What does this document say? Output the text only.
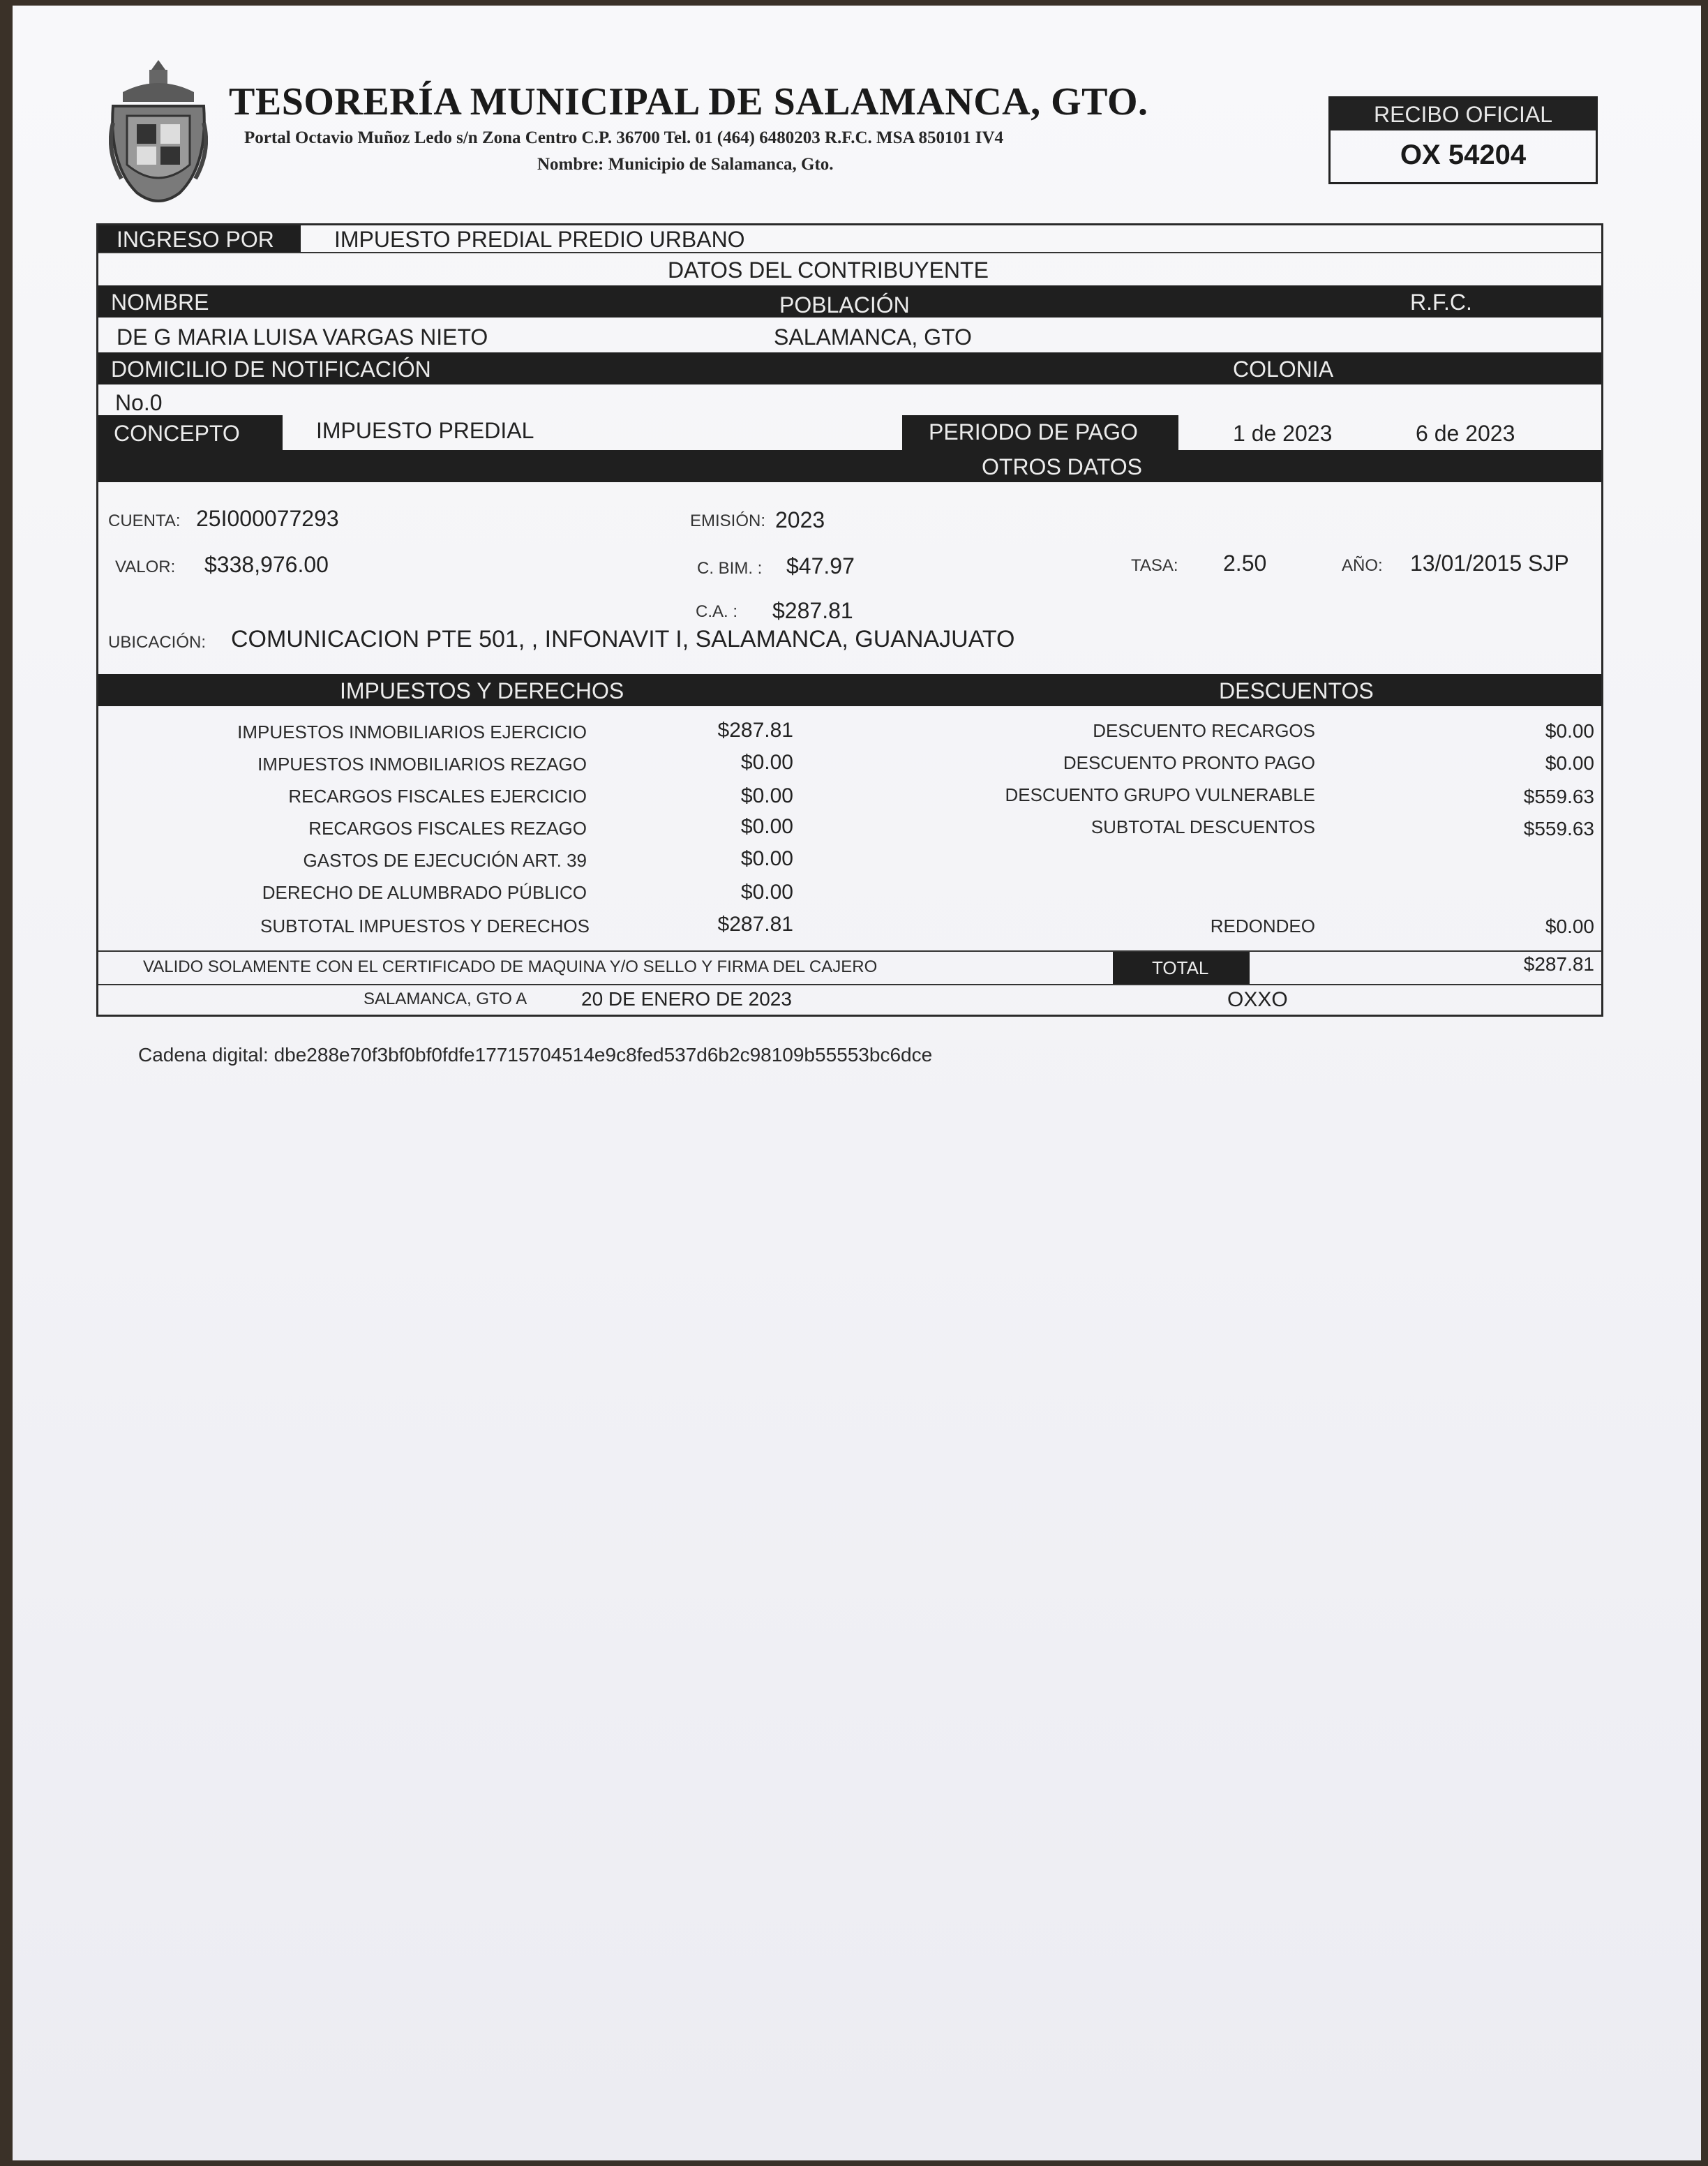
TESORERÍA MUNICIPAL DE SALAMANCA, GTO.
Portal Octavio Muñoz Ledo s/n Zona Centro C.P. 36700 Tel. 01 (464) 6480203 R.F.C. MSA 850101 IV4
Nombre: Municipio de Salamanca, Gto.
RECIBO OFICIAL
OX 54204
INGRESO POR	IMPUESTO PREDIAL PREDIO URBANO
DATOS DEL CONTRIBUYENTE
NOMBRE	POBLACIÓN	R.F.C.
DE G MARIA LUISA VARGAS NIETO	SALAMANCA, GTO
DOMICILIO DE NOTIFICACIÓN	COLONIA
No.0
CONCEPTO	IMPUESTO PREDIAL	PERIODO DE PAGO	1 de 2023	6 de 2023
OTROS DATOS
CUENTA: 25I000077293	EMISIÓN: 2023
VALOR: $338,976.00	C. BIM. : $47.97	TASA: 2.50	AÑO: 13/01/2015 SJP
C.A. : $287.81
UBICACIÓN: COMUNICACION PTE 501, , INFONAVIT I, SALAMANCA, GUANAJUATO
IMPUESTOS Y DERECHOS	DESCUENTOS
IMPUESTOS INMOBILIARIOS EJERCICIO	$287.81
IMPUESTOS INMOBILIARIOS REZAGO	$0.00
RECARGOS FISCALES EJERCICIO	$0.00
RECARGOS FISCALES REZAGO	$0.00
GASTOS DE EJECUCIÓN ART. 39	$0.00
DERECHO DE ALUMBRADO PÚBLICO	$0.00
SUBTOTAL IMPUESTOS Y DERECHOS	$287.81
DESCUENTO RECARGOS	$0.00
DESCUENTO PRONTO PAGO	$0.00
DESCUENTO GRUPO VULNERABLE	$559.63
SUBTOTAL DESCUENTOS	$559.63
REDONDEO	$0.00
VALIDO SOLAMENTE CON EL CERTIFICADO DE MAQUINA Y/O SELLO Y FIRMA DEL CAJERO	TOTAL	$287.81
SALAMANCA, GTO A	20 DE ENERO DE 2023	OXXO
Cadena digital: dbe288e70f3bf0bf0fdfe17715704514e9c8fed537d6b2c98109b55553bc6dce
